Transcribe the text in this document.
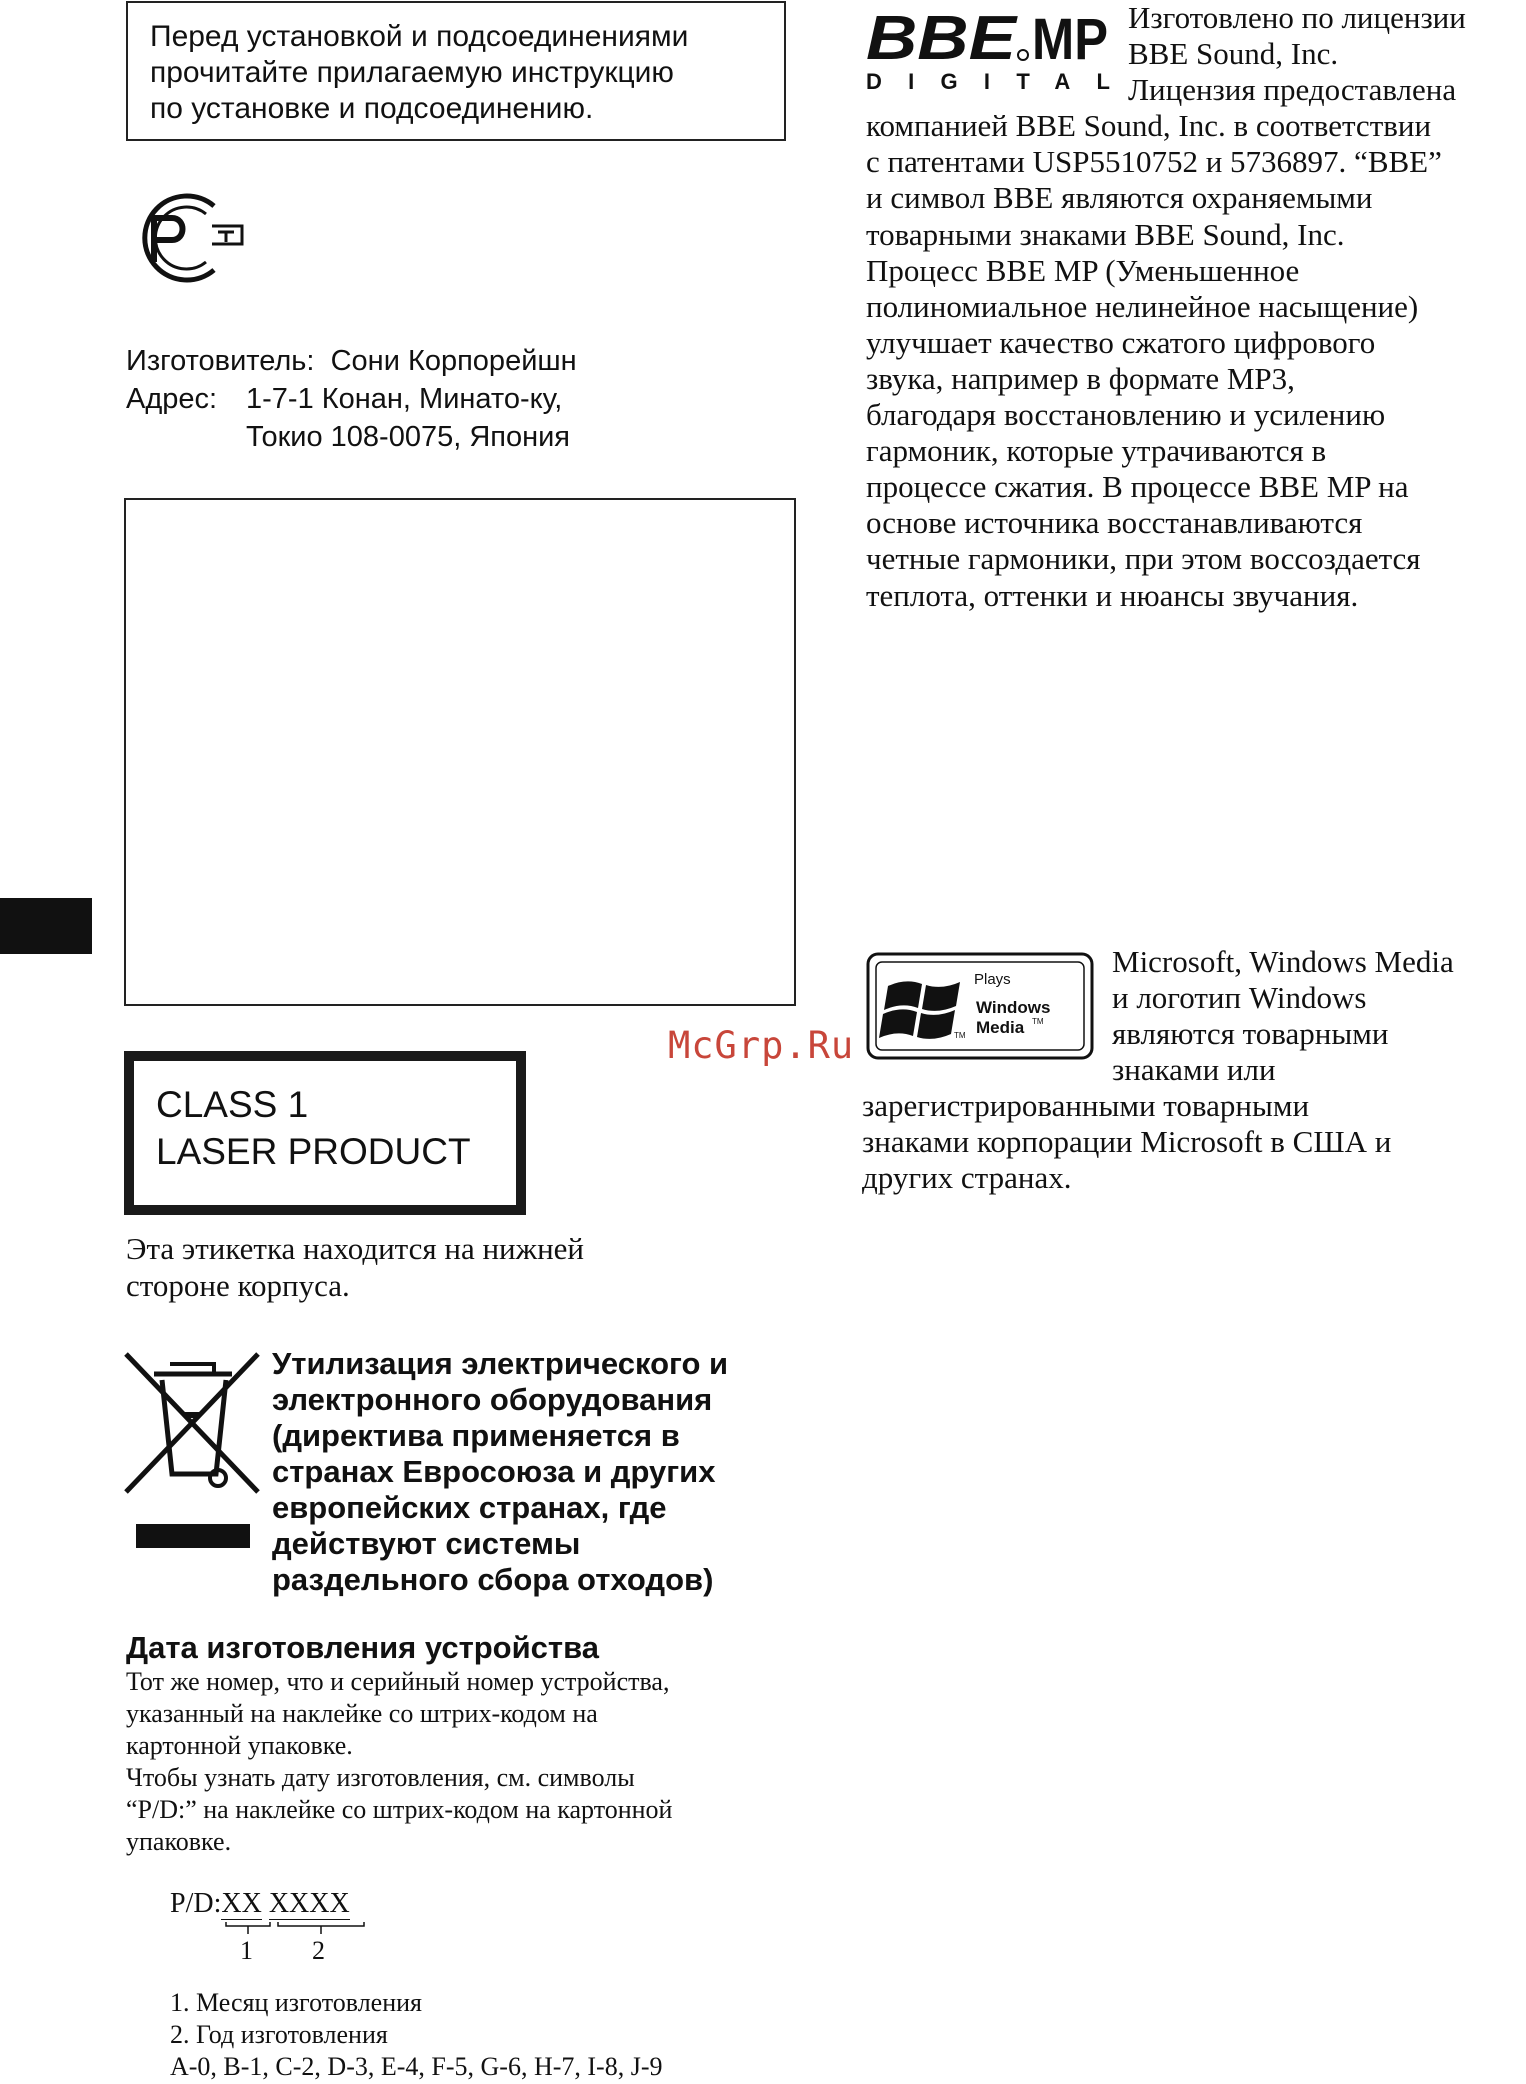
Перед установкой и подсоединениями
прочитайте прилагаемую инструкцию
по установке и подсоединению.
Изготовитель:
Сони Корпорейшн
Адрес: 1-7-1 Конан, Минато-ку,
Токио 108-0075, Япония
CLASS 1
LASER PRODUCT
Эта этикетка находится на нижней
стороне корпуса.
Утилизация электрического и
электронного оборудования
(директива применяется в
странах Евросоюза и других
европейских странах, где
действуют системы
раздельного сбора отходов)
Дата изготовления устройства
Тот же номер, что и серийный номер устройства,
указанный на наклейке со штрих-кодом на
картонной упаковке.
Чтобы узнать дату изготовления, см. символы
“P/D:” на наклейке со штрих-кодом на картонной
упаковке.
P/D:XX XXXX
1 2
1. Месяц изготовления
2. Год изготовления
A-0, B-1, C-2, D-3, E-4, F-5, G-6, H-7, I-8, J-9
BBE MP
DIGITAL
Изготовлено по лицензии
BBE Sound, Inc.
Лицензия предоставлена
компанией BBE Sound, Inc. в соответствии
с патентами USP5510752 и 5736897. “BBE”
и символ BBE являются охраняемыми
товарными знаками BBE Sound, Inc.
Процесс BBE MP (Уменьшенное
полиномиальное нелинейное насыщение)
улучшает качество сжатого цифрового
звука, например в формате MP3,
благодаря восстановлению и усилению
гармоник, которые утрачиваются в
процессе сжатия. В процессе BBE MP на
основе источника восстанавливаются
четные гармоники, при этом воссоздается
теплота, оттенки и нюансы звучания.
Plays
Windows
Media TM
TM
Microsoft, Windows Media
и логотип Windows
являются товарными
знаками или
зарегистрированными товарными
знаками корпорации Microsoft в США и
других странах.
McGrp.Ru
